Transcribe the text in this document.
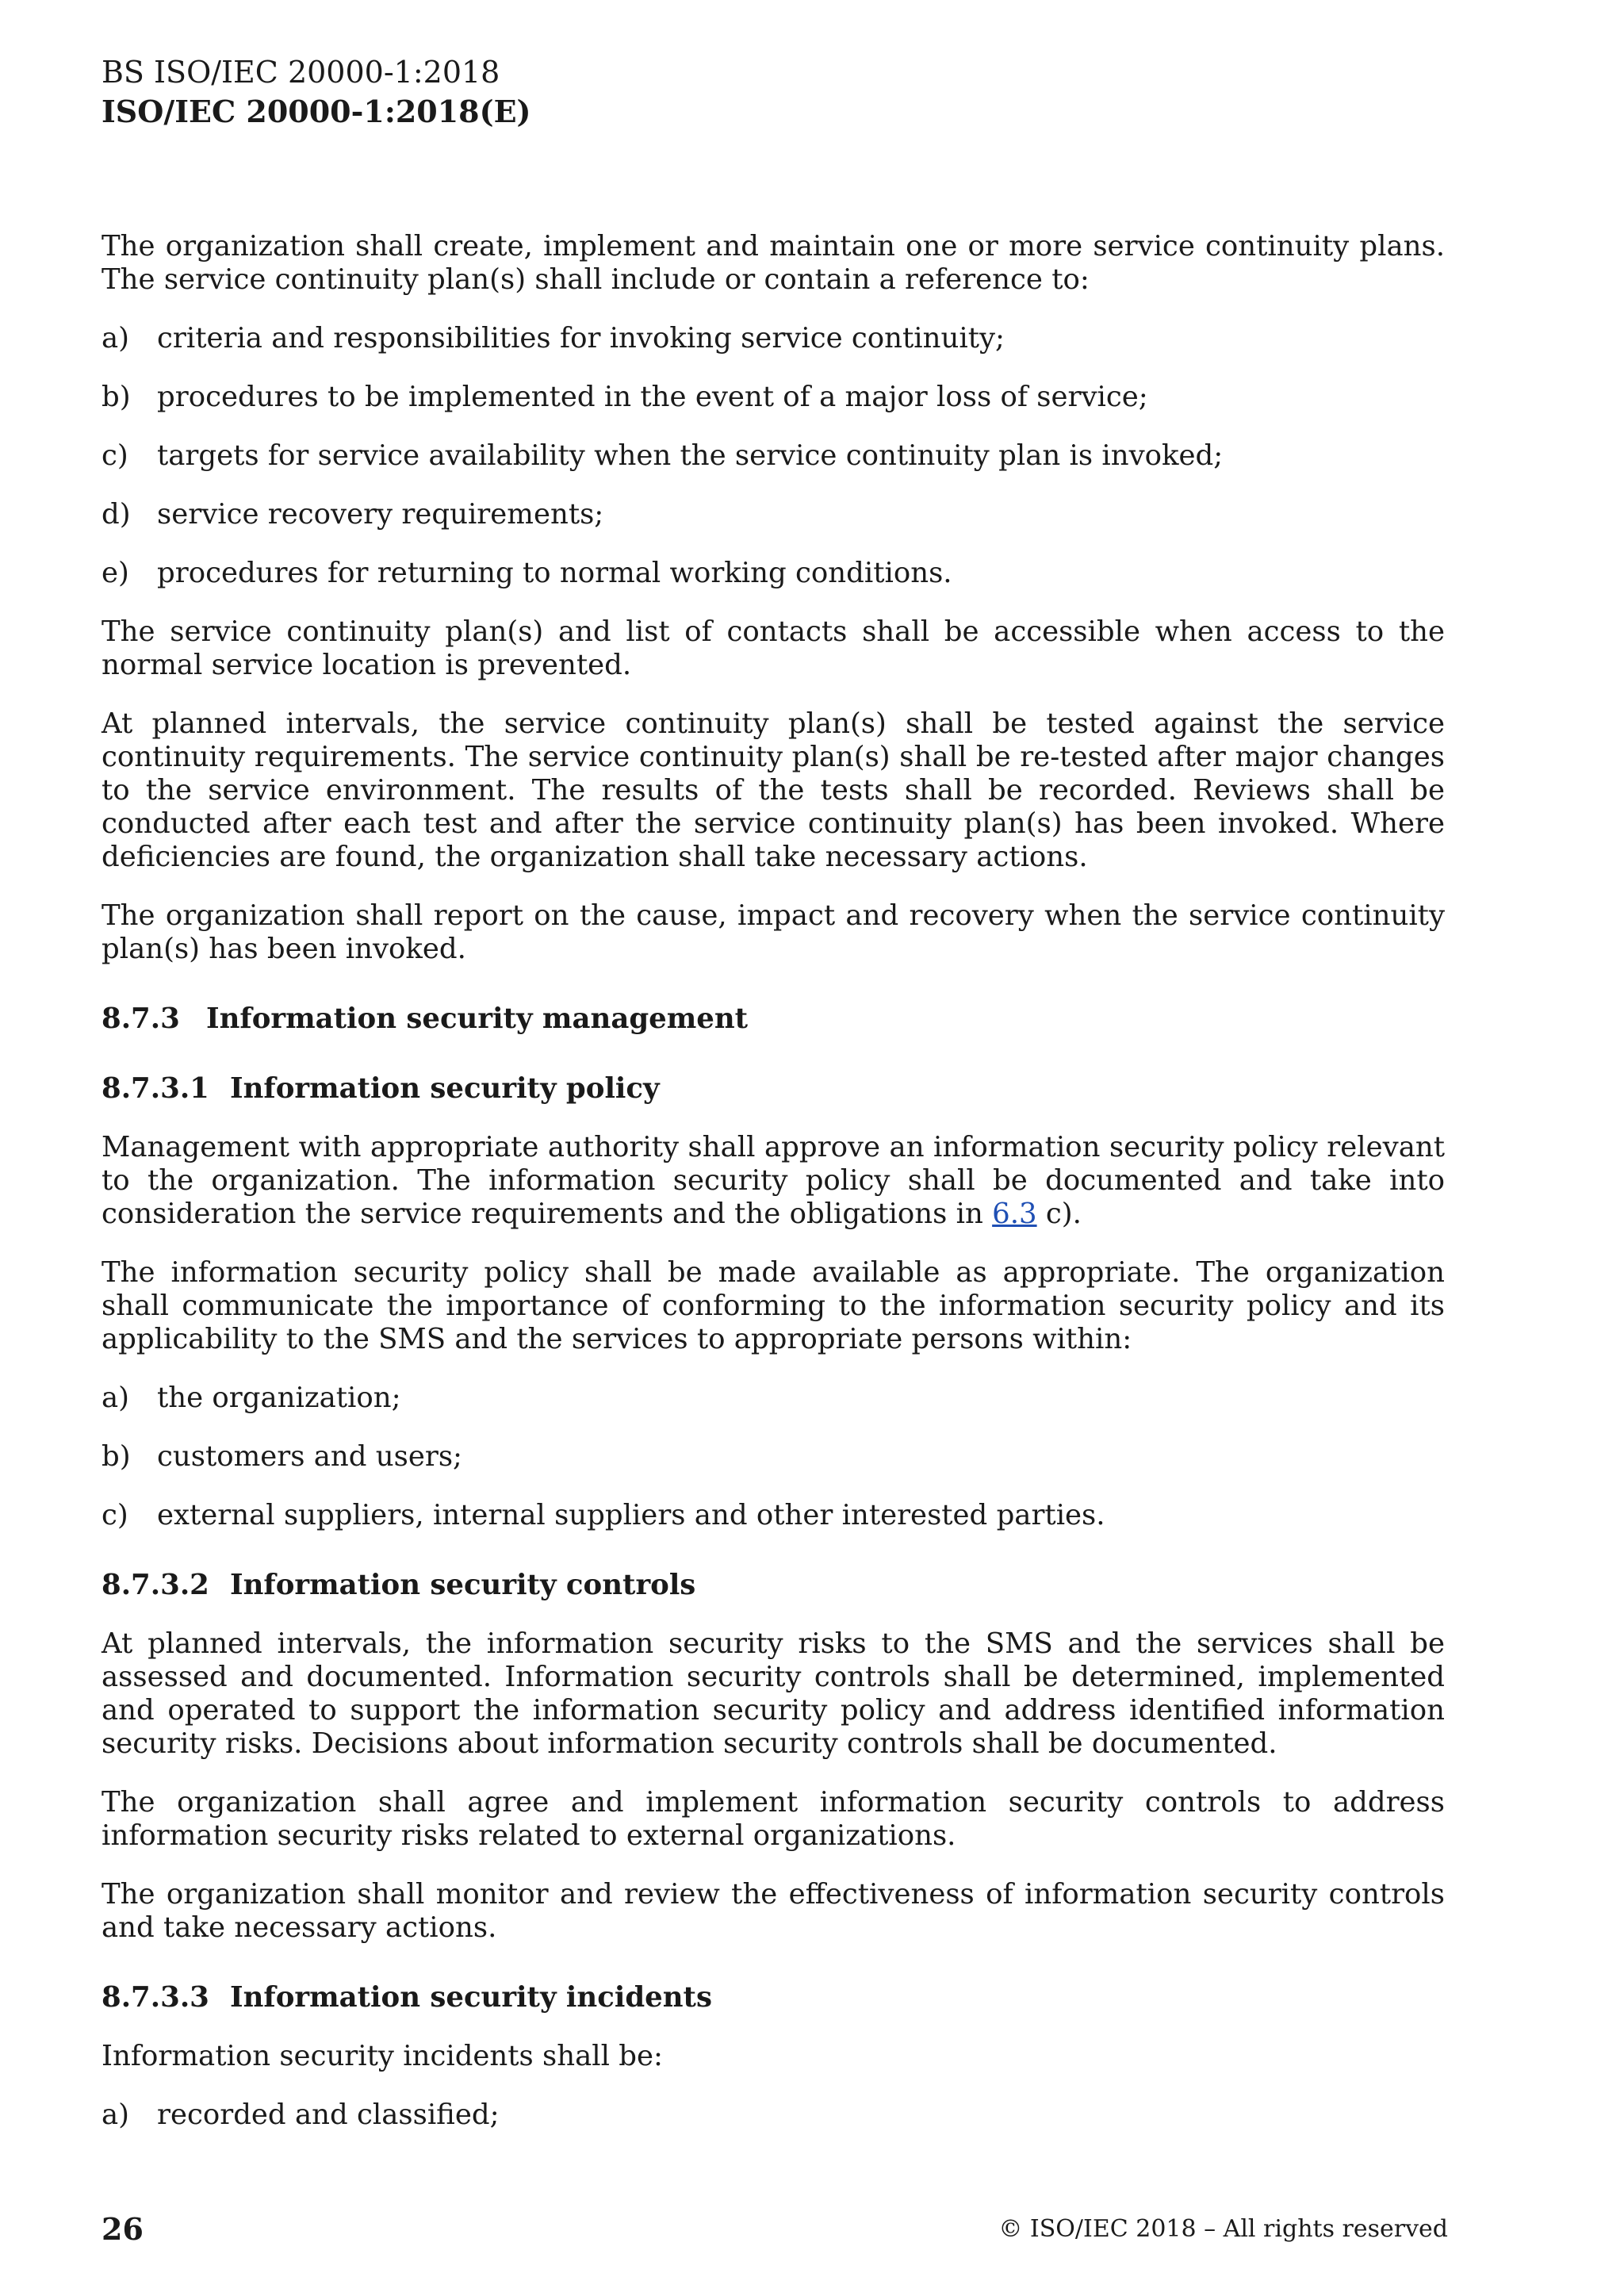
BS ISO/IEC 20000-1:2018
ISO/IEC 20000-1:2018(E)

The organization shall create, implement and maintain one or more service continuity plans. The service continuity plan(s) shall include or contain a reference to:

a) criteria and responsibilities for invoking service continuity;
b) procedures to be implemented in the event of a major loss of service;
c)	targets for service availability when the service continuity plan is invoked;
d) service recovery requirements;
e) procedures for returning to normal working conditions.

The service continuity plan(s) and list of contacts shall be accessible when access to the normal service location is prevented.

At planned intervals, the service continuity plan(s) shall be tested against the service continuity requirements. The service continuity plan(s) shall be re-tested after major changes to the service environment. The results of the tests shall be recorded. Reviews shall be conducted after each test and after the service continuity plan(s) has been invoked. Where deficiencies are found, the organization shall take necessary actions.

The organization shall report on the cause, impact and recovery when the service continuity plan(s) has been invoked.

8.7.3 Information security management
8.7.3.1 Information security policy

Management with appropriate authority shall approve an information security policy relevant to the organization. The information security policy shall be documented and take into consideration the service requirements and the obligations in 6.3 c).

The information security policy shall be made available as appropriate. The organization shall communicate the importance of conforming to the information security policy and its applicability to the SMS and the services to appropriate persons within:

a) the organization;
b) customers and users;
c)	external suppliers, internal suppliers and other interested parties.
8.7.3.2 Information security controls

At planned intervals, the information security risks to the SMS and the services shall be assessed and documented. Information security controls shall be determined, implemented and operated to support the information security policy and address identified information security risks. Decisions about information security controls shall be documented.

The organization shall agree and implement information security controls to address information security risks related to external organizations.

The organization shall monitor and review the effectiveness of information security controls and take necessary actions.

8.7.3.3 Information security incidents

Information security incidents shall be:

a) recorded and classified;
26	© ISO/IEC 2018 – All rights reserved
